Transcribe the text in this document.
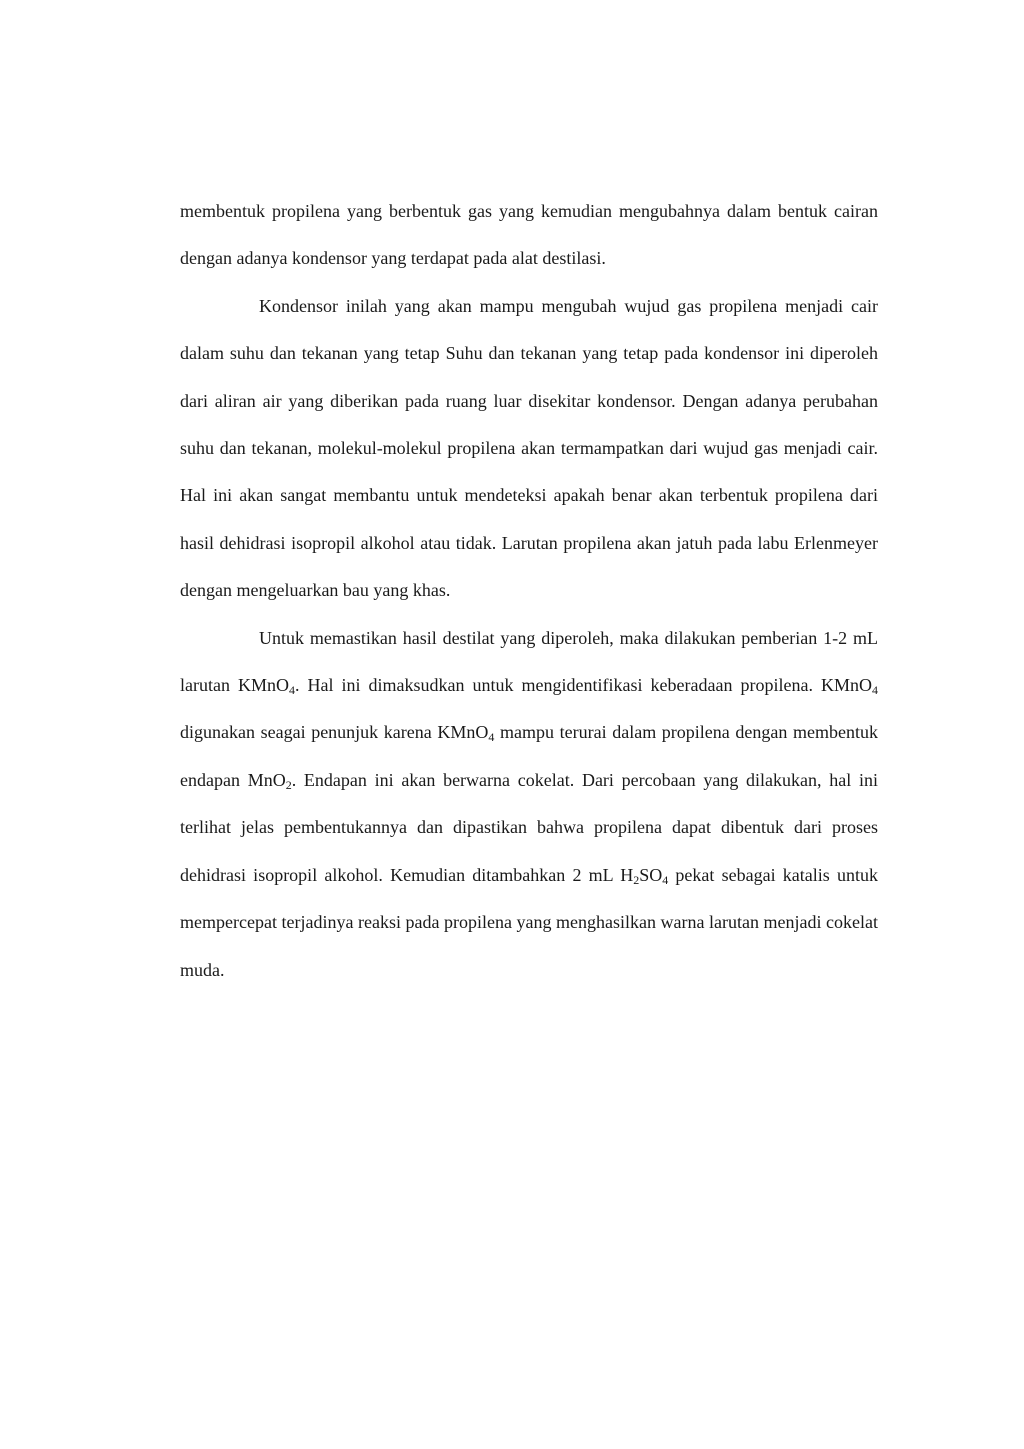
membentuk propilena yang berbentuk gas yang kemudian mengubahnya dalam bentuk cairan dengan adanya kondensor yang terdapat pada alat destilasi.

Kondensor inilah yang akan mampu mengubah wujud gas propilena menjadi cair dalam suhu dan tekanan yang tetap Suhu dan tekanan yang tetap pada kondensor ini diperoleh dari aliran air yang diberikan pada ruang luar disekitar kondensor. Dengan adanya perubahan suhu dan tekanan, molekul-molekul propilena akan termampatkan dari wujud gas menjadi cair. Hal ini akan sangat membantu untuk mendeteksi apakah benar akan terbentuk propilena dari hasil dehidrasi isopropil alkohol atau tidak. Larutan propilena akan jatuh pada labu Erlenmeyer dengan mengeluarkan bau yang khas.

Untuk memastikan hasil destilat yang diperoleh, maka dilakukan pemberian 1-2 mL larutan KMnO$_4$. Hal ini dimaksudkan untuk mengidentifikasi keberadaan propilena. KMnO$_4$ digunakan seagai penunjuk karena KMnO$_4$ mampu terurai dalam propilena dengan membentuk endapan MnO$_2$. Endapan ini akan berwarna cokelat. Dari percobaan yang dilakukan, hal ini terlihat jelas pembentukannya dan dipastikan bahwa propilena dapat dibentuk dari proses dehidrasi isopropil alkohol. Kemudian ditambahkan 2 mL $H_2SO_4$ pekat sebagai katalis untuk mempercepat terjadinya reaksi pada propilena yang menghasilkan warna larutan menjadi cokelat muda.
